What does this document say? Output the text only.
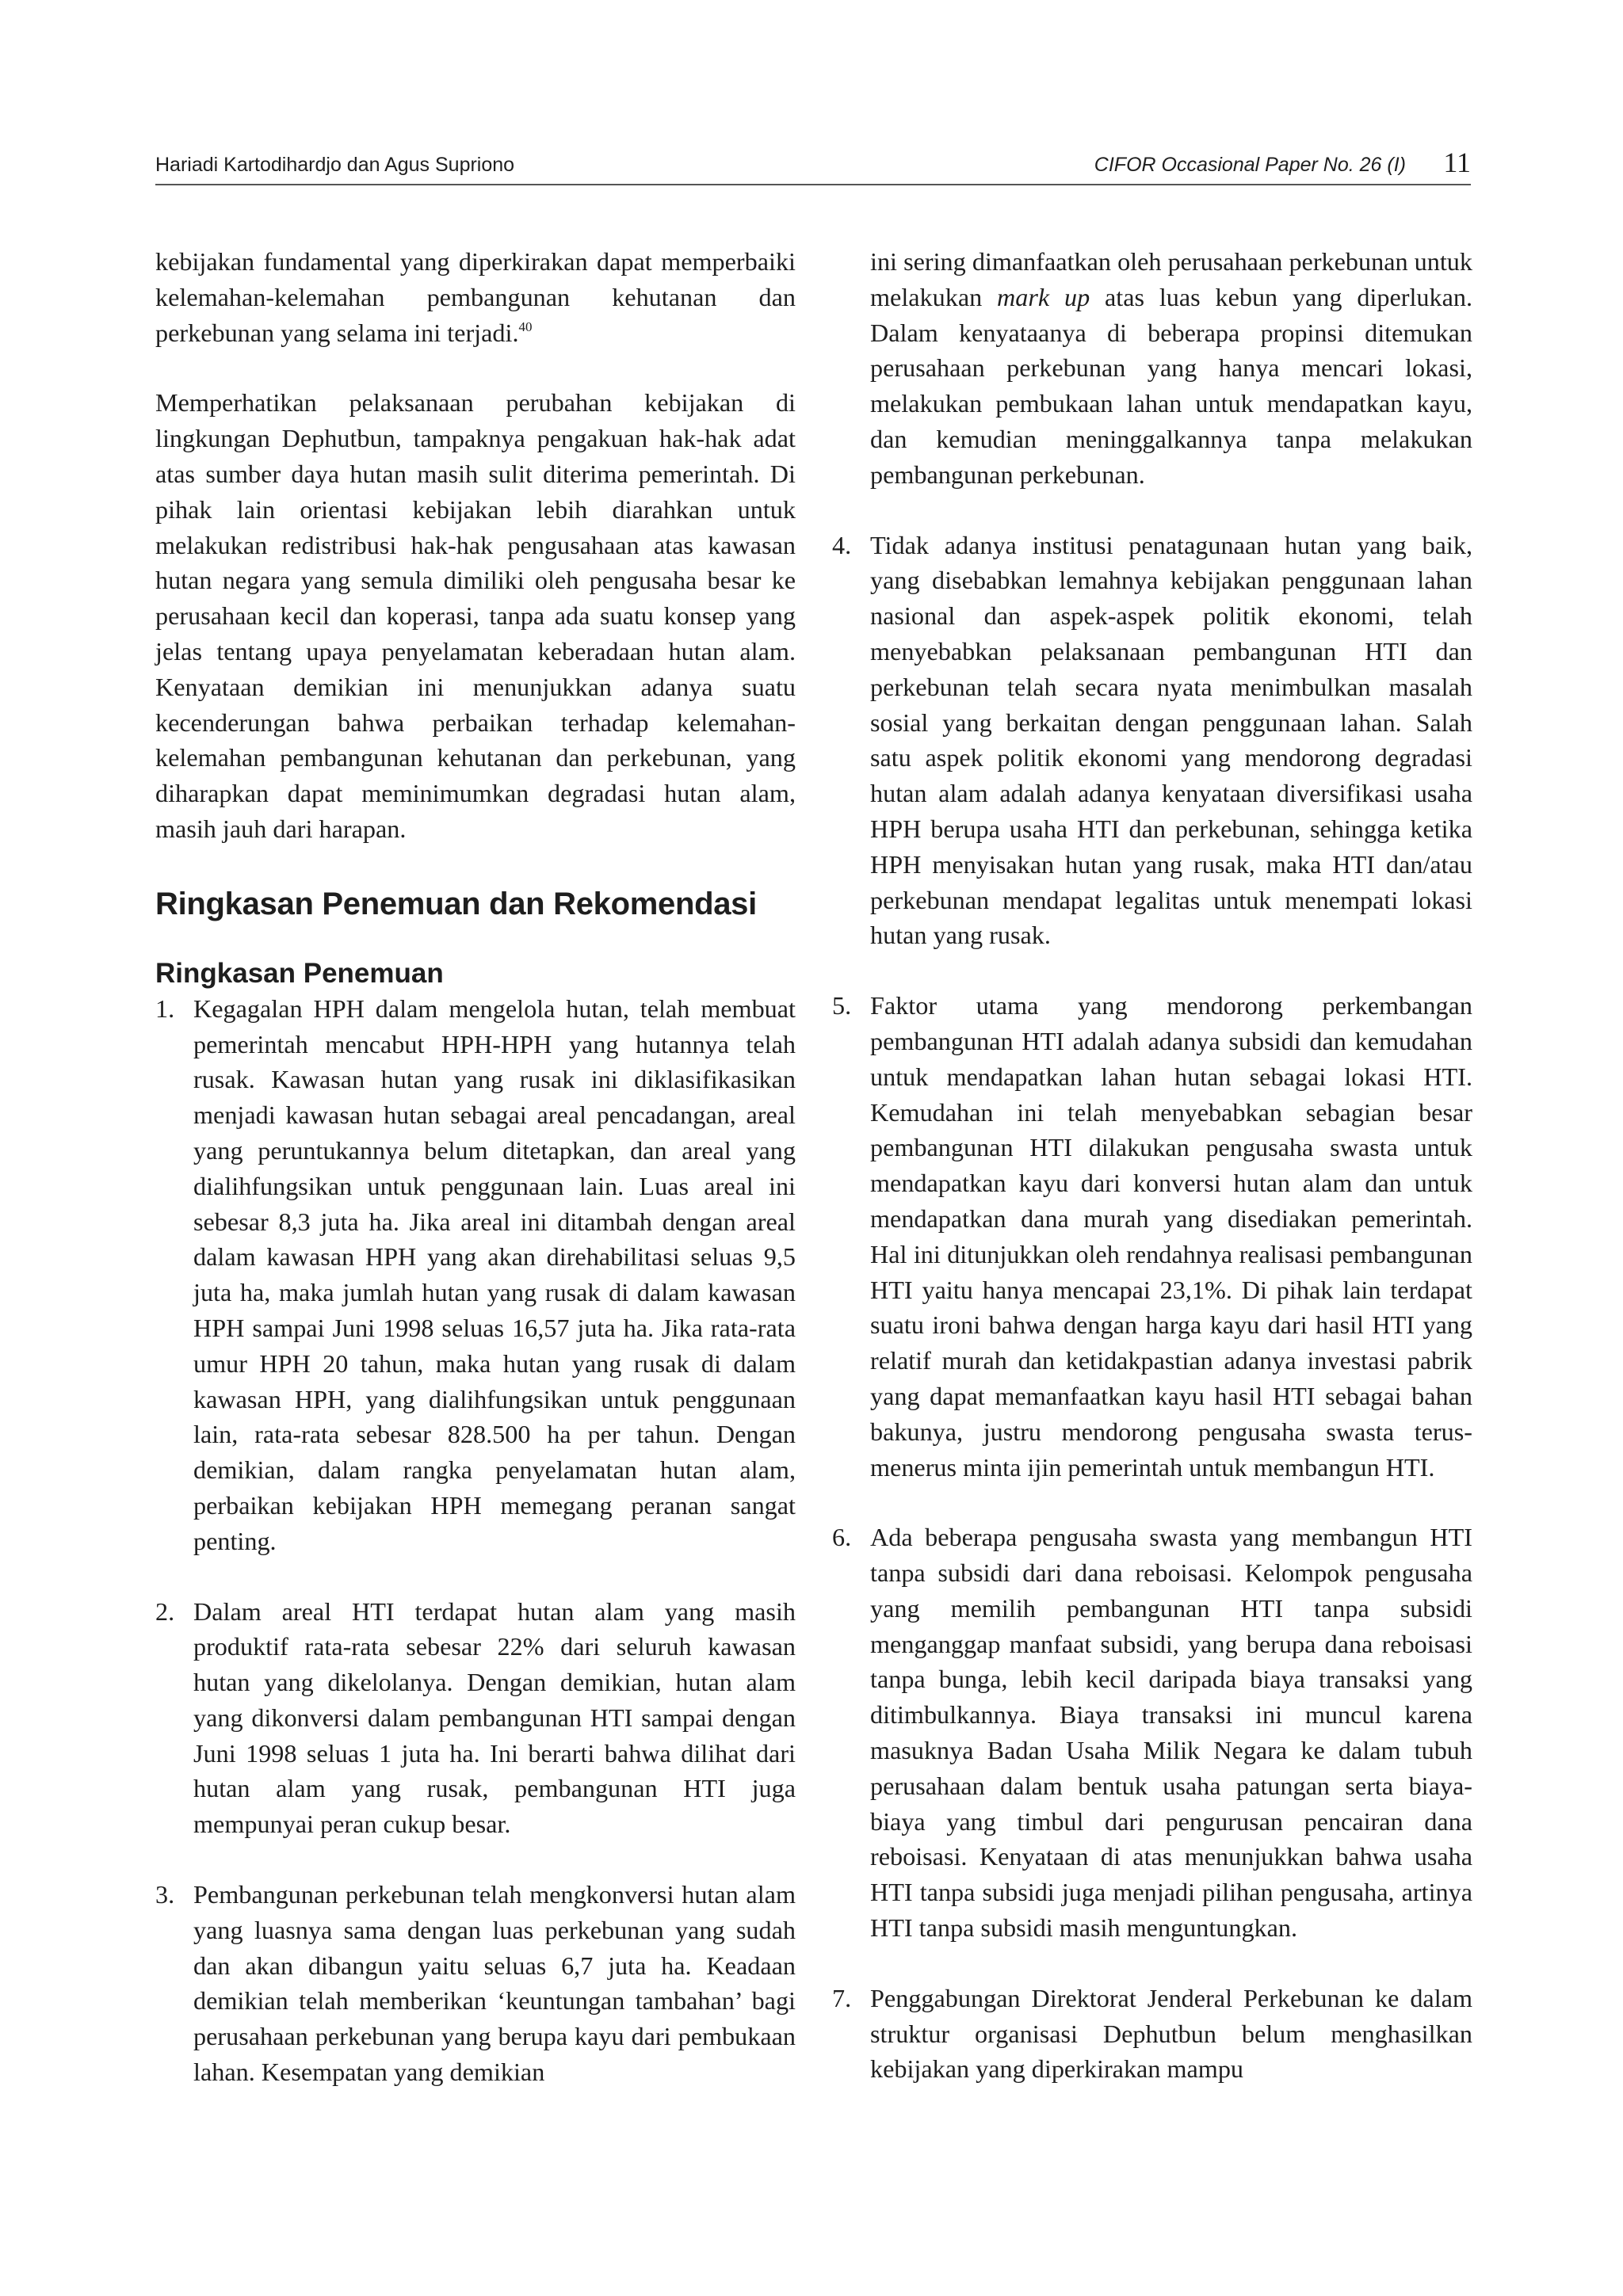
Hariadi Kartodihardjo dan Agus Supriono	CIFOR Occasional Paper No. 26 (I) 11

kebijakan fundamental yang diperkirakan dapat memperbaiki kelemahan-kelemahan pembangunan kehutanan dan perkebunan yang selama ini terjadi.$^{40}$

Memperhatikan pelaksanaan perubahan kebijakan di lingkungan Dephutbun, tampaknya pengakuan hak-hak adat atas sumber daya hutan masih sulit diterima pemerintah. Di pihak lain orientasi kebijakan lebih diarahkan untuk melakukan redistribusi hak-hak pengusahaan atas kawasan hutan negara yang semula dimiliki oleh pengusaha besar ke perusahaan kecil dan koperasi, tanpa ada suatu konsep yang jelas tentang upaya penyelamatan keberadaan hutan alam. Kenyataan demikian ini menunjukkan adanya suatu kecenderungan bahwa perbaikan terhadap kelemahan-kelemahan pembangunan kehutanan dan perkebunan, yang diharapkan dapat meminimumkan degradasi hutan alam, masih jauh dari harapan.

Ringkasan Penemuan dan Rekomendasi
Ringkasan Penemuan
1. Kegagalan HPH dalam mengelola hutan, telah membuat pemerintah mencabut HPH-HPH yang hutannya telah rusak. Kawasan hutan yang rusak ini diklasifikasikan menjadi kawasan hutan sebagai areal pencadangan, areal yang peruntukannya belum ditetapkan, dan areal yang dialihfungsikan untuk penggunaan lain. Luas areal ini sebesar 8,3 juta ha. Jika areal ini ditambah dengan areal dalam kawasan HPH yang akan direhabilitasi seluas 9,5 juta ha, maka jumlah hutan yang rusak di dalam kawasan HPH sampai Juni 1998 seluas 16,57 juta ha. Jika rata-rata umur HPH 20 tahun, maka hutan yang rusak di dalam kawasan HPH, yang dialihfungsikan untuk penggunaan lain, rata-rata sebesar 828.500 ha per tahun. Dengan demikian, dalam rangka penyelamatan hutan alam, perbaikan kebijakan HPH memegang peranan sangat penting.
2. Dalam areal HTI terdapat hutan alam yang masih produktif rata-rata sebesar 22% dari seluruh kawasan hutan yang dikelolanya. Dengan demikian, hutan alam yang dikonversi dalam pembangunan HTI sampai dengan Juni 1998 seluas 1 juta ha. Ini berarti bahwa dilihat dari hutan alam yang rusak, pembangunan HTI juga mempunyai peran cukup besar.
3. Pembangunan perkebunan telah mengkonversi hutan alam yang luasnya sama dengan luas perkebunan yang sudah dan akan dibangun yaitu seluas 6,7 juta ha. Keadaan demikian telah memberikan ‘keuntungan tambahan’ bagi perusahaan perkebunan yang berupa kayu dari pembukaan lahan. Kesempatan yang demikian
ini sering dimanfaatkan oleh perusahaan perkebunan untuk melakukan mark up atas luas kebun yang diperlukan. Dalam kenyataanya di beberapa propinsi ditemukan perusahaan perkebunan yang hanya mencari lokasi, melakukan pembukaan lahan untuk mendapatkan kayu, dan kemudian meninggalkannya tanpa melakukan pembangunan perkebunan.
4. Tidak adanya institusi penatagunaan hutan yang baik, yang disebabkan lemahnya kebijakan penggunaan lahan nasional dan aspek-aspek politik ekonomi, telah menyebabkan pelaksanaan pembangunan HTI dan perkebunan telah secara nyata menimbulkan masalah sosial yang berkaitan dengan penggunaan lahan. Salah satu aspek politik ekonomi yang mendorong degradasi hutan alam adalah adanya kenyataan diversifikasi usaha HPH berupa usaha HTI dan perkebunan, sehingga ketika HPH menyisakan hutan yang rusak, maka HTI dan/atau perkebunan mendapat legalitas untuk menempati lokasi hutan yang rusak.
5. Faktor utama yang mendorong perkembangan pembangunan HTI adalah adanya subsidi dan kemudahan untuk mendapatkan lahan hutan sebagai lokasi HTI. Kemudahan ini telah menyebabkan sebagian besar pembangunan HTI dilakukan pengusaha swasta untuk mendapatkan kayu dari konversi hutan alam dan untuk mendapatkan dana murah yang disediakan pemerintah. Hal ini ditunjukkan oleh rendahnya realisasi pembangunan HTI yaitu hanya mencapai 23,1%. Di pihak lain terdapat suatu ironi bahwa dengan harga kayu dari hasil HTI yang relatif murah dan ketidakpastian adanya investasi pabrik yang dapat memanfaatkan kayu hasil HTI sebagai bahan bakunya, justru mendorong pengusaha swasta terus-menerus minta ijin pemerintah untuk membangun HTI.
6. Ada beberapa pengusaha swasta yang membangun HTI tanpa subsidi dari dana reboisasi. Kelompok pengusaha yang memilih pembangunan HTI tanpa subsidi menganggap manfaat subsidi, yang berupa dana reboisasi tanpa bunga, lebih kecil daripada biaya transaksi yang ditimbulkannya. Biaya transaksi ini muncul karena masuknya Badan Usaha Milik Negara ke dalam tubuh perusahaan dalam bentuk usaha patungan serta biaya-biaya yang timbul dari pengurusan pencairan dana reboisasi. Kenyataan di atas menunjukkan bahwa usaha HTI tanpa subsidi juga menjadi pilihan pengusaha, artinya HTI tanpa subsidi masih menguntungkan.
7. Penggabungan Direktorat Jenderal Perkebunan ke dalam struktur organisasi Dephutbun belum menghasilkan kebijakan yang diperkirakan mampu
